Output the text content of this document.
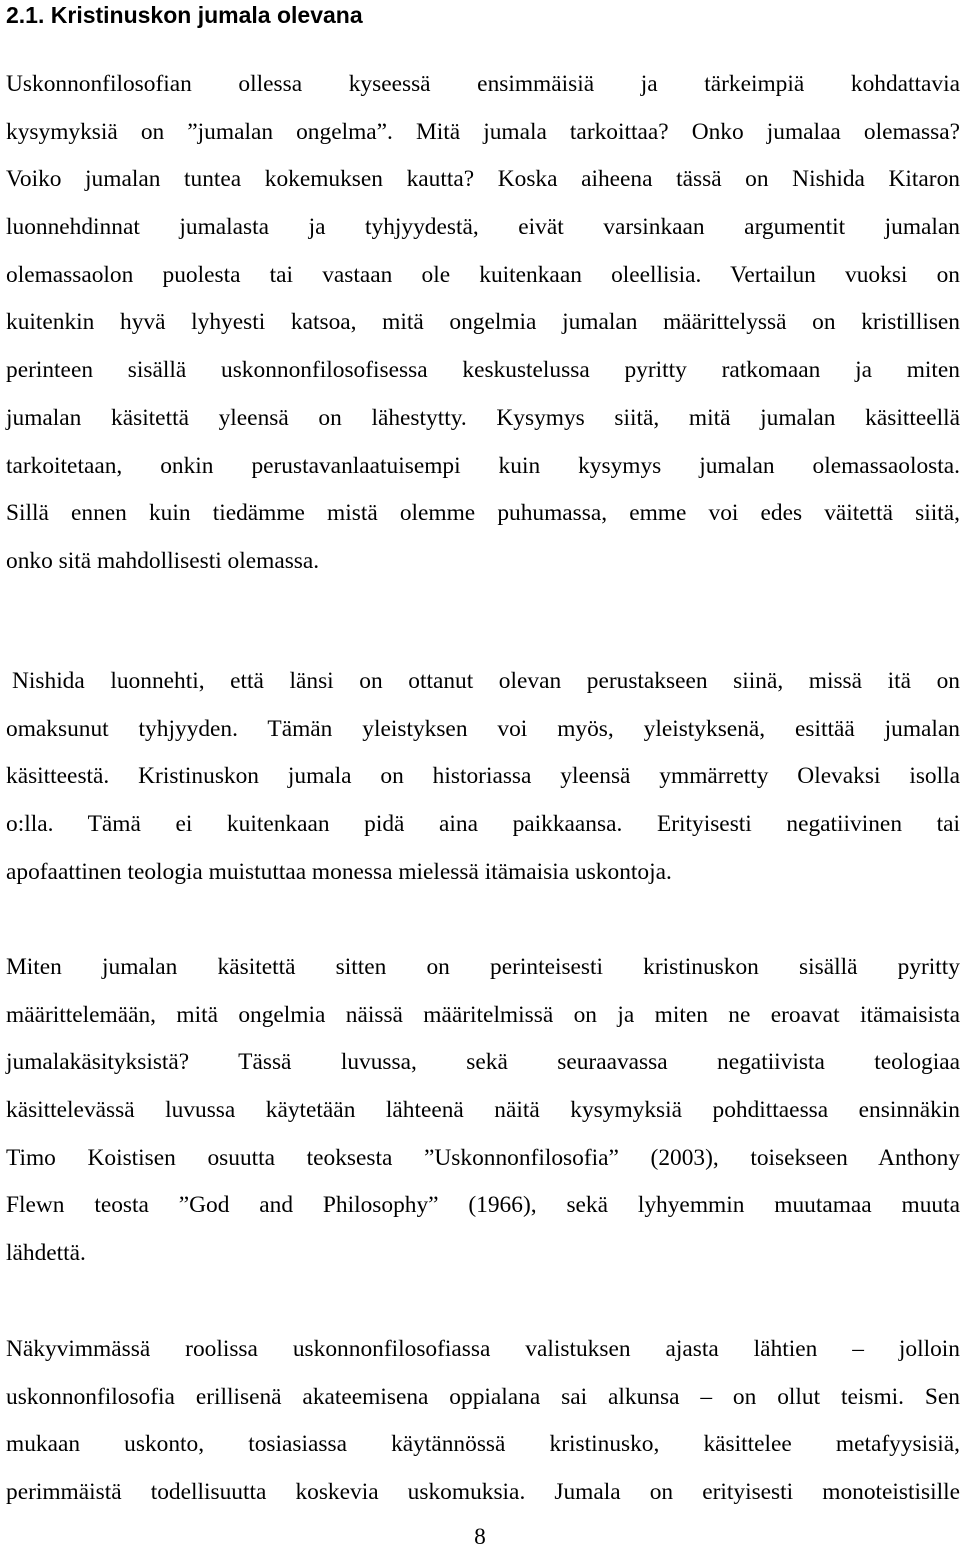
2.1. Kristinuskon jumala olevana

Uskonnonfilosofian ollessa kyseessä ensimmäisiä ja tärkeimpiä kohdattavia
kysymyksiä on ”jumalan ongelma”. Mitä jumala tarkoittaa? Onko jumalaa olemassa?
Voiko jumalan tuntea kokemuksen kautta? Koska aiheena tässä on Nishida Kitaron
luonnehdinnat jumalasta ja tyhjyydestä, eivät varsinkaan argumentit jumalan
olemassaolon puolesta tai vastaan ole kuitenkaan oleellisia. Vertailun vuoksi on
kuitenkin hyvä lyhyesti katsoa, mitä ongelmia jumalan määrittelyssä on kristillisen
perinteen sisällä uskonnonfilosofisessa keskustelussa pyritty ratkomaan ja miten
jumalan käsitettä yleensä on lähestytty. Kysymys siitä, mitä jumalan käsitteellä
tarkoitetaan, onkin perustavanlaatuisempi kuin kysymys jumalan olemassaolosta.
Sillä ennen kuin tiedämme mistä olemme puhumassa, emme voi edes väitettä siitä,
onko sitä mahdollisesti olemassa.

Nishida luonnehti, että länsi on ottanut olevan perustakseen siinä, missä itä on
omaksunut tyhjyyden. Tämän yleistyksen voi myös, yleistyksenä, esittää jumalan
käsitteestä. Kristinuskon jumala on historiassa yleensä ymmärretty Olevaksi isolla
o:lla. Tämä ei kuitenkaan pidä aina paikkaansa. Erityisesti negatiivinen tai
apofaattinen teologia muistuttaa monessa mielessä itämaisia uskontoja.

Miten jumalan käsitettä sitten on perinteisesti kristinuskon sisällä pyritty
määrittelemään, mitä ongelmia näissä määritelmissä on ja miten ne eroavat itämaisista
jumalakäsityksistä? Tässä luvussa, sekä seuraavassa negatiivista teologiaa
käsittelevässä luvussa käytetään lähteenä näitä kysymyksiä pohdittaessa ensinnäkin
Timo Koistisen osuutta teoksesta ”Uskonnonfilosofia” (2003), toisekseen Anthony
Flewn teosta ”God and Philosophy” (1966), sekä lyhyemmin muutamaa muuta
lähdettä.

Näkyvimmässä roolissa uskonnonfilosofiassa valistuksen ajasta lähtien – jolloin
uskonnonfilosofia erillisenä akateemisena oppialana sai alkunsa – on ollut teismi. Sen
mukaan uskonto, tosiasiassa käytännössä kristinusko, käsittelee metafyysisiä,
perimmäistä todellisuutta koskevia uskomuksia. Jumala on erityisesti monoteistisille

8
